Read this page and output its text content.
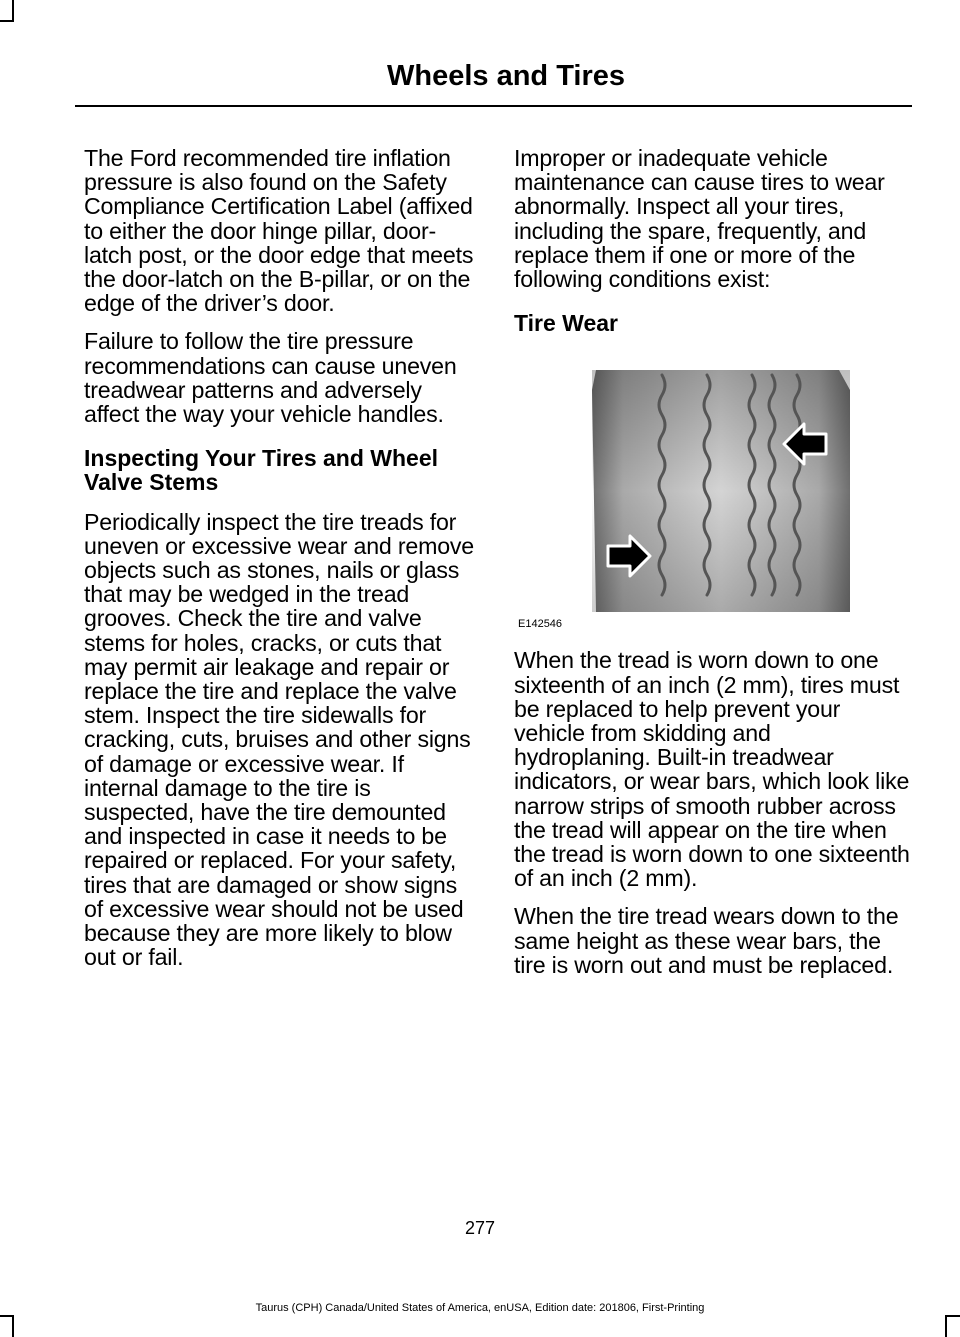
Wheels and Tires

The Ford recommended tire inflation pressure is also found on the Safety Compliance Certification Label (affixed to either the door hinge pillar, door-latch post, or the door edge that meets the door-latch on the B-pillar, or on the edge of the driver’s door.

Failure to follow the tire pressure recommendations can cause uneven treadwear patterns and adversely affect the way your vehicle handles.

Inspecting Your Tires and Wheel Valve Stems

Periodically inspect the tire treads for uneven or excessive wear and remove objects such as stones, nails or glass that may be wedged in the tread grooves. Check the tire and valve stems for holes, cracks, or cuts that may permit air leakage and repair or replace the tire and replace the valve stem. Inspect the tire sidewalls for cracking, cuts, bruises and other signs of damage or excessive wear. If internal damage to the tire is suspected, have the tire demounted and inspected in case it needs to be repaired or replaced. For your safety, tires that are damaged or show signs of excessive wear should not be used because they are more likely to blow out or fail.

Improper or inadequate vehicle maintenance can cause tires to wear abnormally. Inspect all your tires, including the spare, frequently, and replace them if one or more of the following conditions exist:

Tire Wear
E142546

When the tread is worn down to one sixteenth of an inch (2 mm), tires must be replaced to help prevent your vehicle from skidding and hydroplaning. Built-in treadwear indicators, or wear bars, which look like narrow strips of smooth rubber across the tread will appear on the tire when the tread is worn down to one sixteenth of an inch (2 mm).

When the tire tread wears down to the same height as these wear bars, the tire is worn out and must be replaced.

277
Taurus (CPH) Canada/United States of America, enUSA, Edition date: 201806, First-Printing
